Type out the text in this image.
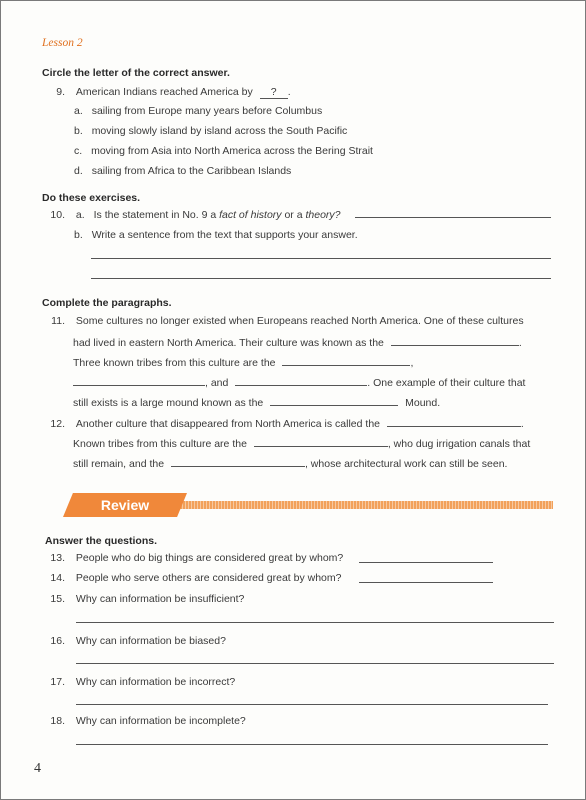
Lesson 2
Circle the letter of the correct answer.
9. American Indians reached America by ? .
a. sailing from Europe many years before Columbus
b. moving slowly island by island across the South Pacific
c. moving from Asia into North America across the Bering Strait
d. sailing from Africa to the Caribbean Islands
Do these exercises.
10. a. Is the statement in No. 9 a fact of history or a theory?
b. Write a sentence from the text that supports your answer.
Complete the paragraphs.
11. Some cultures no longer existed when Europeans reached North America. One of these cultures
had lived in eastern North America. Their culture was known as the	.
Three known tribes from this culture are the	,
, and	. One example of their culture that
still exists is a large mound known as the	Mound.
12. Another culture that disappeared from North America is called the	.
Known tribes from this culture are the	, who dug irrigation canals that
still remain, and the	, whose architectural work can still be seen.
Review
Answer the questions.
13. People who do big things are considered great by whom?
14. People who serve others are considered great by whom?
15. Why can information be insufficient?
16. Why can information be biased?
17. Why can information be incorrect?
18. Why can information be incomplete?
4
